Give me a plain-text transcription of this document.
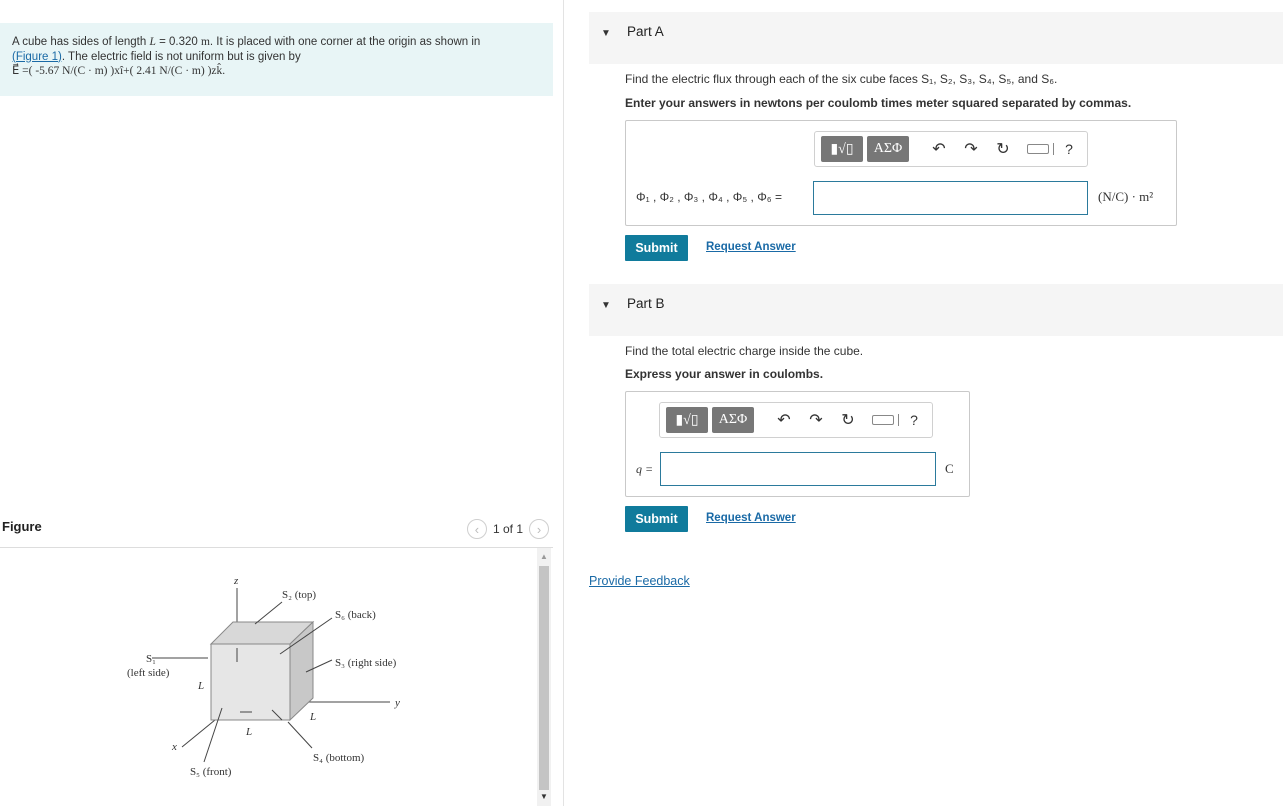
A cube has sides of length L = 0.320 m. It is placed with one corner at the origin as shown in
(Figure 1). The electric field is not uniform but is given by
E⃗ =( -5.67 N/(C · m) )xî+( 2.41 N/(C · m) )zk̂.
Figure	‹	1 of 1	›
▲
▼
z
y
x
S₁
(left side)
S₂ (top)
S₃ (right side)
S₄ (bottom)
S₅ (front)
S₆ (back)
L
L
L
▼ Part A
Find the electric flux through each of the six cube faces S₁, S₂, S₃, S₄, S₅, and S₆.
Enter your answers in newtons per coulomb times meter squared separated by commas.
▮√▯	ΑΣΦ	↶	↷	↻	?
Φ₁ , Φ₂ , Φ₃ , Φ₄ , Φ₅ , Φ₆ =	(N/C) · m²
Submit	Request Answer
▼ Part B
Find the total electric charge inside the cube.
Express your answer in coulombs.
▮√▯	ΑΣΦ	↶	↷	↻	?
q =	C
Submit	Request Answer
Provide Feedback
